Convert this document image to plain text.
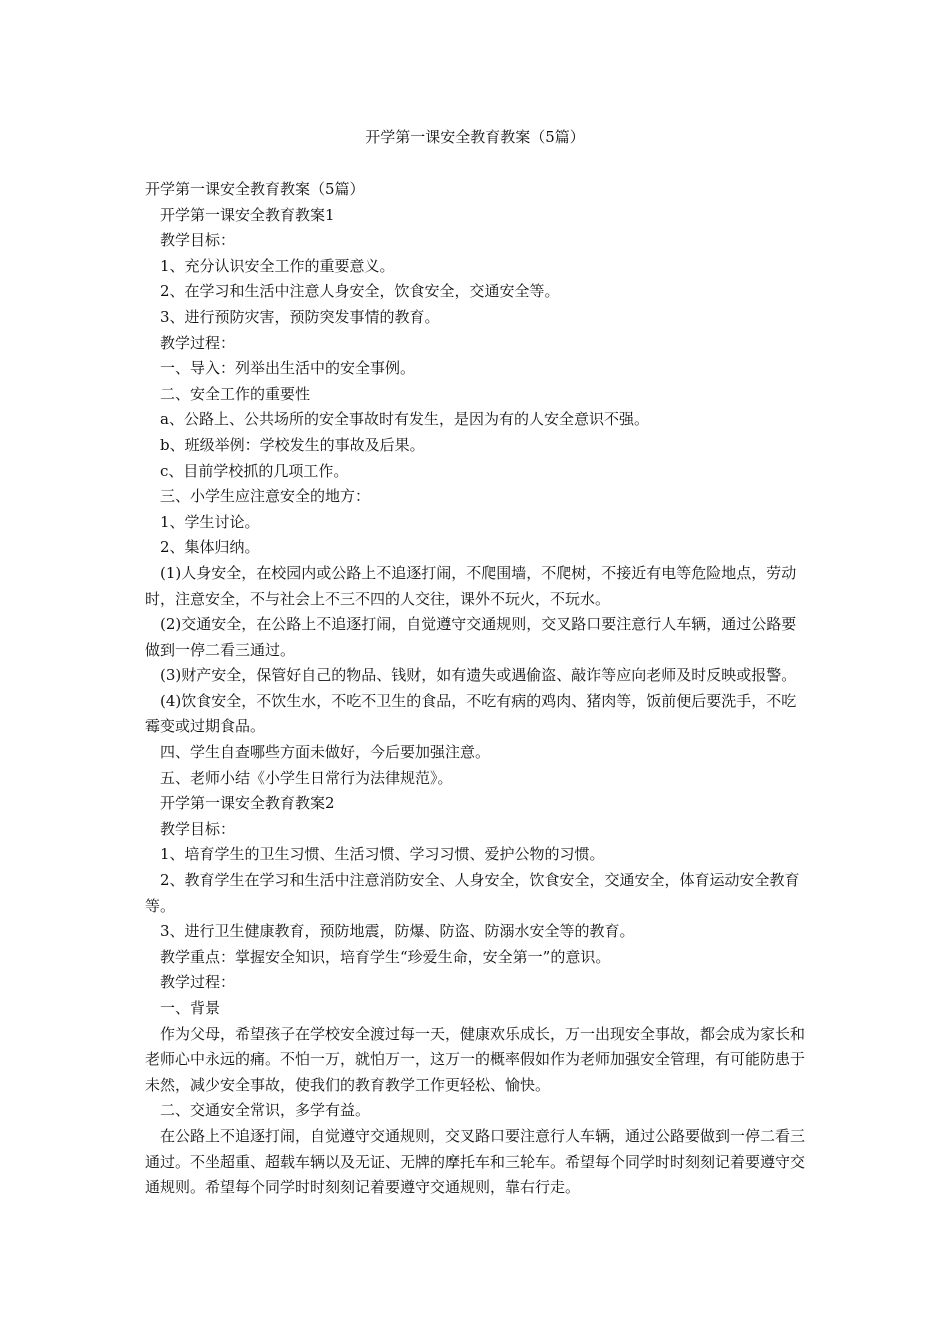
开学第一课安全教育教案（5篇）

开学第一课安全教育教案（5篇）

开学第一课安全教育教案1

教学目标：

1、充分认识安全工作的重要意义。

2、在学习和生活中注意人身安全，饮食安全，交通安全等。

3、进行预防灾害，预防突发事情的教育。

教学过程：

一、导入：列举出生活中的安全事例。

二、安全工作的重要性

a、公路上、公共场所的安全事故时有发生，是因为有的人安全意识不强。

b、班级举例：学校发生的事故及后果。

c、目前学校抓的几项工作。

三、小学生应注意安全的地方：

1、学生讨论。

2、集体归纳。

(1)人身安全，在校园内或公路上不追逐打闹，不爬围墙，不爬树，不接近有电等危险地点，劳动时，注意安全，不与社会上不三不四的人交往，课外不玩火，不玩水。

(2)交通安全，在公路上不追逐打闹，自觉遵守交通规则，交叉路口要注意行人车辆，通过公路要做到一停二看三通过。

(3)财产安全，保管好自己的物品、钱财，如有遗失或遇偷盗、敲诈等应向老师及时反映或报警。

(4)饮食安全，不饮生水，不吃不卫生的食品，不吃有病的鸡肉、猪肉等，饭前便后要洗手，不吃霉变或过期食品。

四、学生自查哪些方面未做好，今后要加强注意。

五、老师小结《小学生日常行为法律规范》。

开学第一课安全教育教案2

教学目标：

1、培育学生的卫生习惯、生活习惯、学习习惯、爱护公物的习惯。

2、教育学生在学习和生活中注意消防安全、人身安全，饮食安全，交通安全，体育运动安全教育等。

3、进行卫生健康教育，预防地震，防爆、防盗、防溺水安全等的教育。

教学重点：掌握安全知识，培育学生“珍爱生命，安全第一”的意识。

教学过程：

一、背景

作为父母，希望孩子在学校安全渡过每一天，健康欢乐成长，万一出现安全事故，都会成为家长和老师心中永远的痛。不怕一万，就怕万一，这万一的概率假如作为老师加强安全管理，有可能防患于未然，减少安全事故，使我们的教育教学工作更轻松、愉快。

二、交通安全常识，多学有益。

在公路上不追逐打闹，自觉遵守交通规则，交叉路口要注意行人车辆，通过公路要做到一停二看三通过。不坐超重、超载车辆以及无证、无牌的摩托车和三轮车。希望每个同学时时刻刻记着要遵守交通规则。希望每个同学时时刻刻记着要遵守交通规则，靠右行走。
